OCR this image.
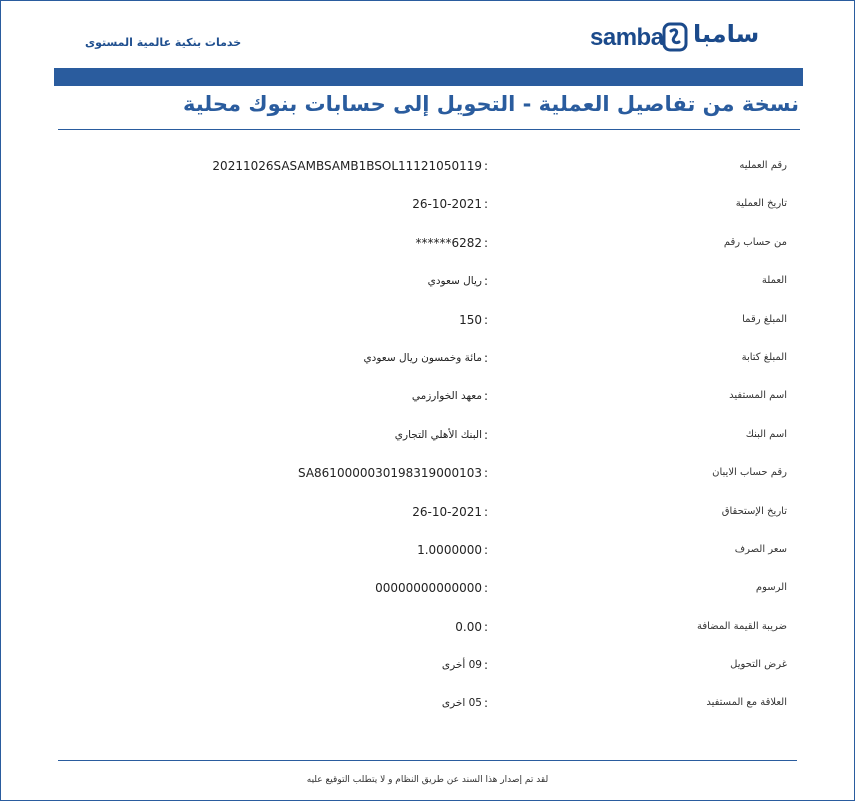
خدمات بنكية عالمية المستوى	samba سامبا
نسخة من تفاصيل العملية - التحويل إلى حسابات بنوك محلية
رقم العمليه
:
20211026SASAMBSAMB1BSOL11121050119
تاريخ العملية
:
26-10-2021
من حساب رقم
:
******6282
العملة
:
ريال سعودي
المبلغ رقما
:
150
المبلغ كتابة
:
مائة وخمسون ريال سعودي
اسم المستفيد
:
معهد الخوارزمي
اسم البنك
:
البنك الأهلي التجاري
رقم حساب الايبان
:
SA8610000030198319000103
تاريخ الإستحقاق
:
26-10-2021
سعر الصرف
:
1.0000000
الرسوم
:
00000000000000
ضريبة القيمة المضافة
:
0.00
غرض التحويل
:
09 أخرى
العلاقة مع المستفيد
:
05 اخرى
لقد تم إصدار هذا السند عن طريق النظام و لا يتطلب التوقيع عليه
